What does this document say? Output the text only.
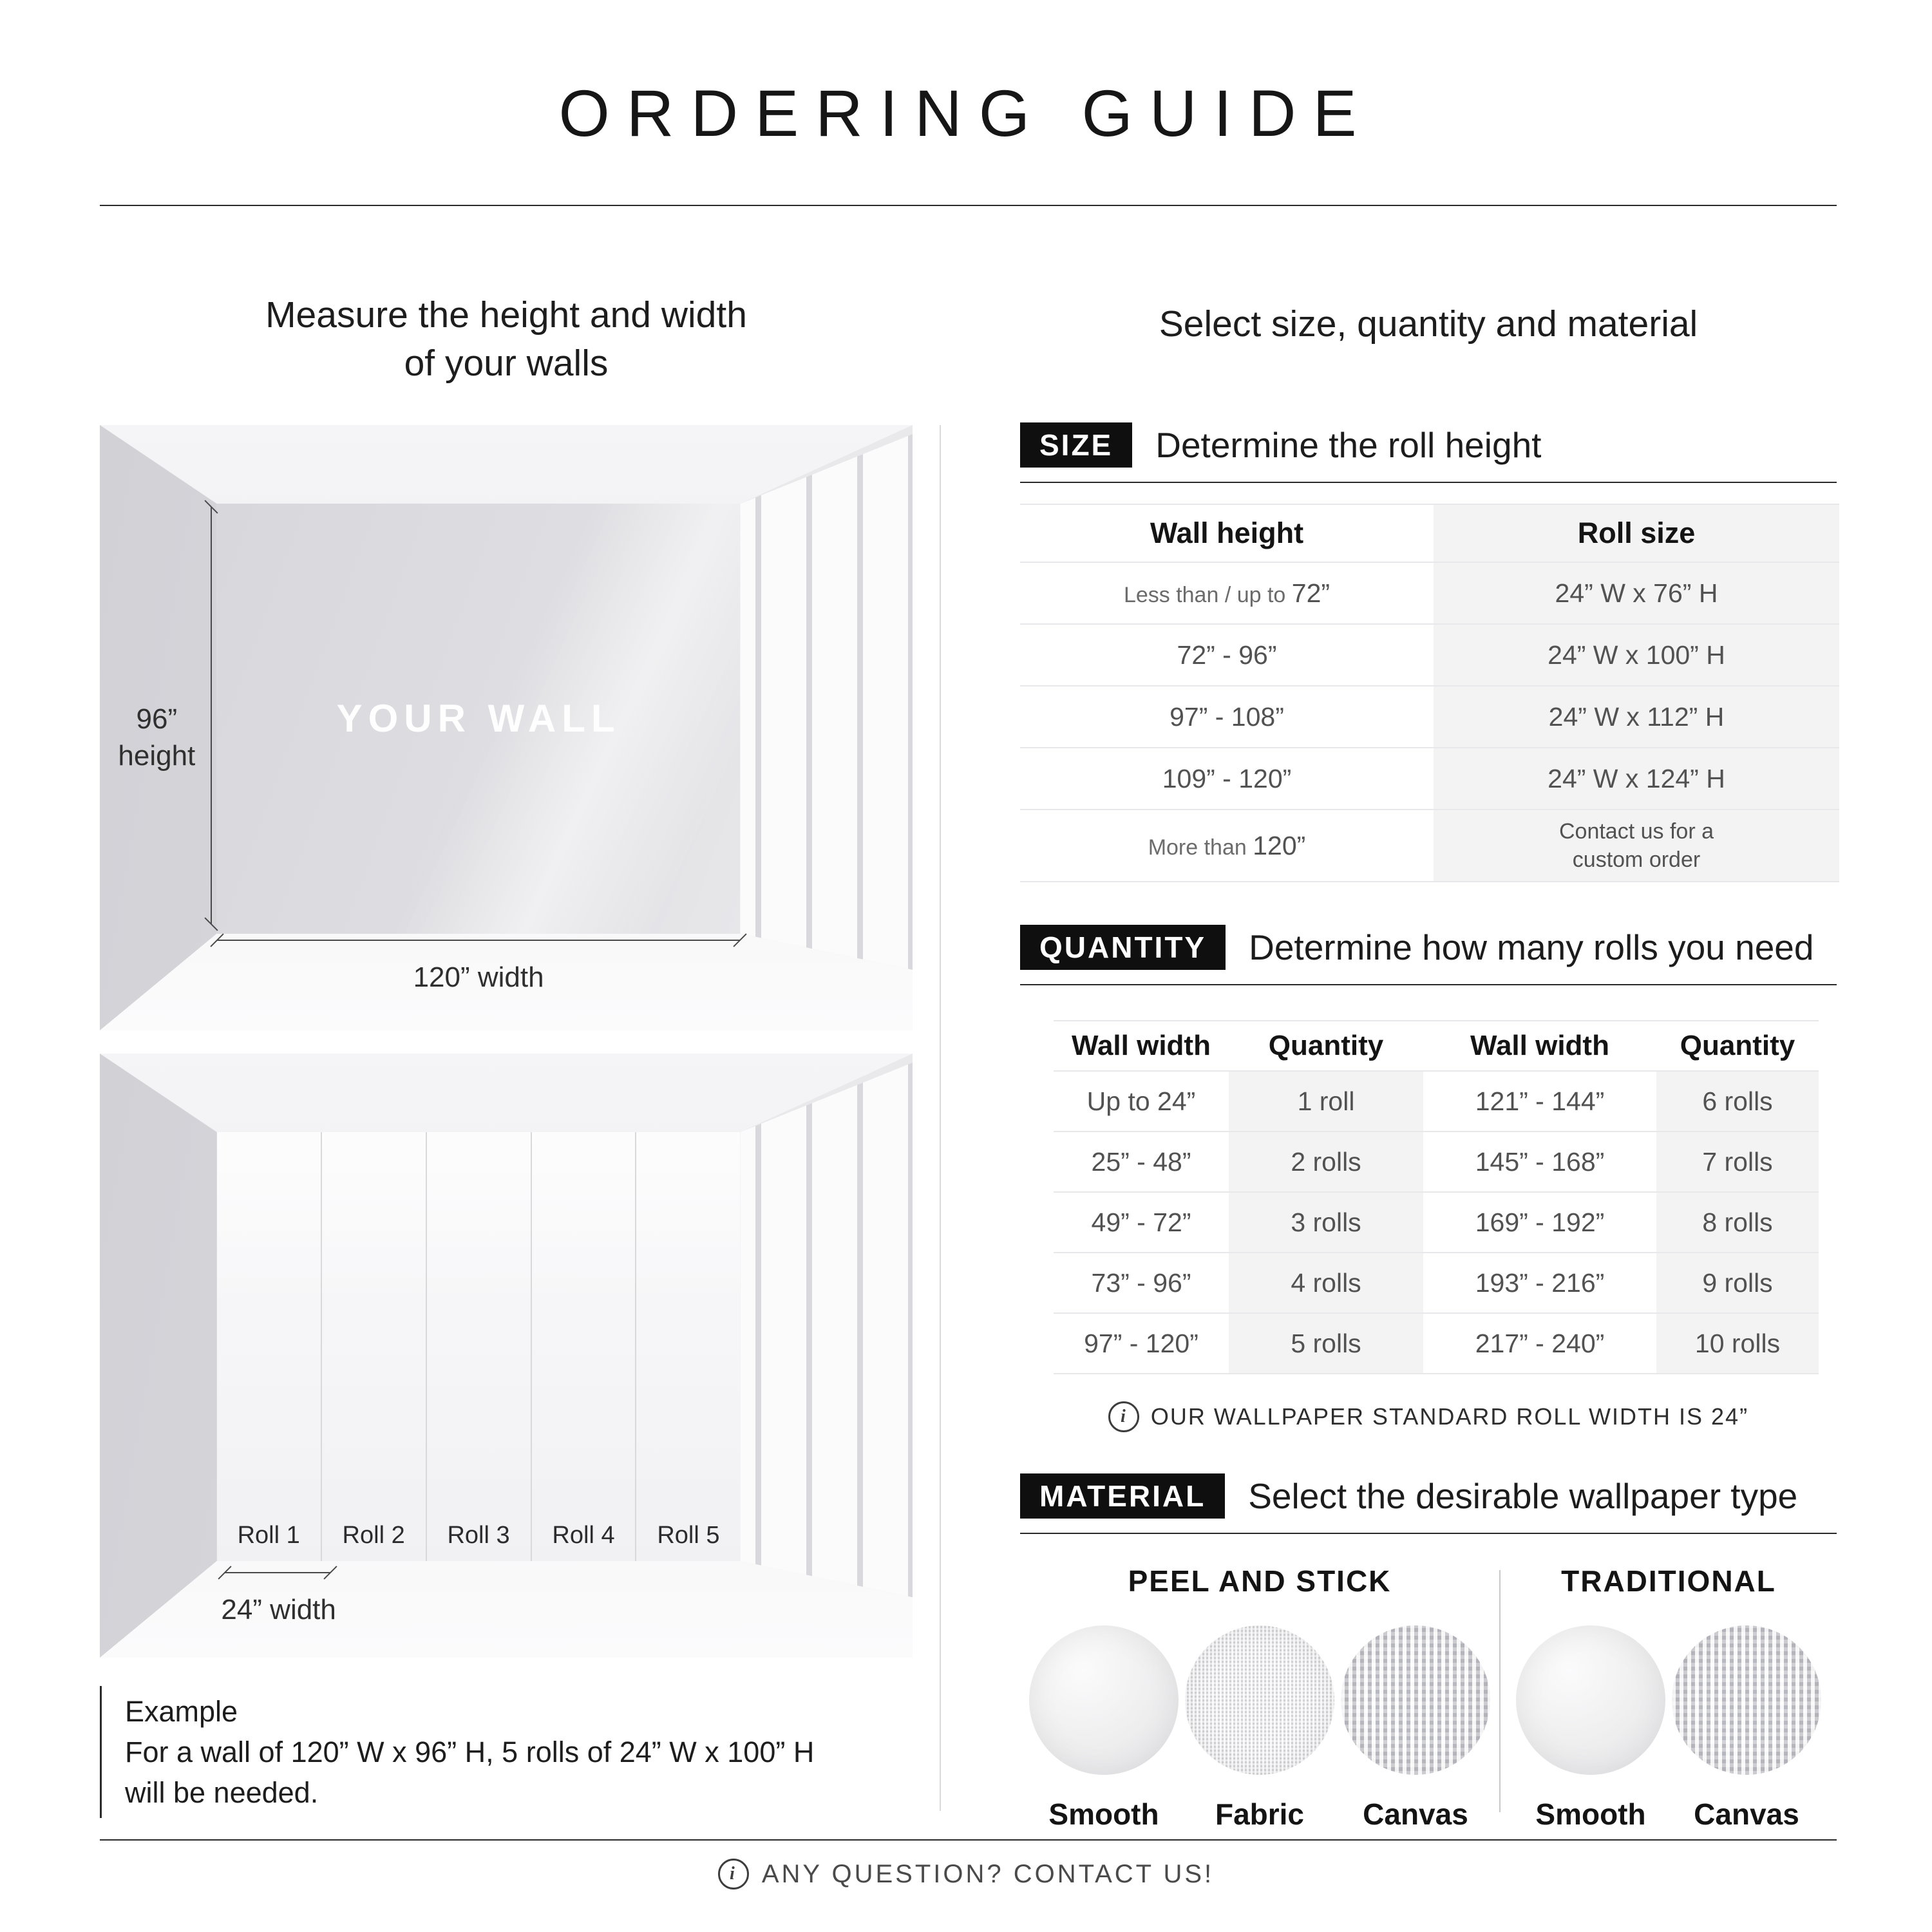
ORDERING GUIDE
Measure the height and width
of your walls
Select size, quantity and material
YOUR WALL
96”
height
120” width
Roll 1 Roll 2 Roll 3 Roll 4 Roll 5
24” width
Example
For a wall of 120” W x 96” H, 5 rolls of 24” W x 100” H
will be needed.
SIZE	Determine the roll height
Wall height	Roll size
Less than / up to 72”	24” W x 76” H
72” - 96”	24” W x 100” H
97” - 108”	24” W x 112” H
109” - 120”	24” W x 124” H
More than 120”	Contact us for a custom order
QUANTITY	Determine how many rolls you need
Wall width	Quantity	Wall width	Quantity
Up to 24”	1 roll	121” - 144”	6 rolls
25” - 48”	2 rolls	145” - 168”	7 rolls
49” - 72”	3 rolls	169” - 192”	8 rolls
73” - 96”	4 rolls	193” - 216”	9 rolls
97” - 120”	5 rolls	217” - 240”	10 rolls
i	OUR WALLPAPER STANDARD ROLL WIDTH IS 24”
MATERIAL	Select the desirable wallpaper type
PEEL AND STICK
Smooth Fabric Canvas
TRADITIONAL
Smooth Canvas
i ANY QUESTION? CONTACT US!
